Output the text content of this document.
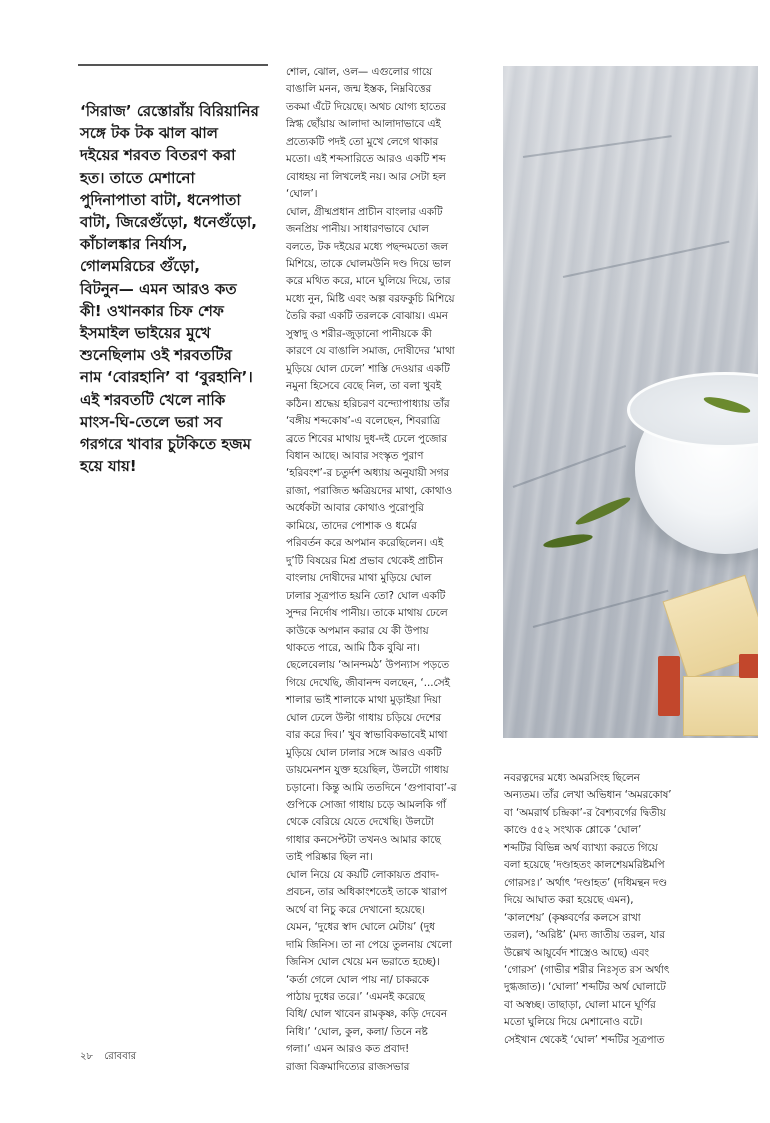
‘সিরাজ’ রেস্তোরাঁয় বিরিয়ানির
সঙ্গে টক টক ঝাল ঝাল
দইয়ের শরবত বিতরণ করা
হত। তাতে মেশানো
পুদিনাপাতা বাটা, ধনেপাতা
বাটা, জিরেগুঁড়ো, ধনেগুঁড়ো,
কাঁচালঙ্কার নির্যাস,
গোলমরিচের গুঁড়ো,
বিটনুন— এমন আরও কত
কী! ওখানকার চিফ শেফ
ইসমাইল ভাইয়ের মুখে
শুনেছিলাম ওই শরবতটির
নাম ‘বোরহানি’ বা ‘বুরহানি’।
এই শরবতটি খেলে নাকি
মাংস-ঘি-তেলে ভরা সব
গরগরে খাবার চুটকিতে হজম
হয়ে যায়!
শোল, ঝোল, ওল— এগুলোর গায়ে
বাঙালি মনন, জন্ম ইস্তক, নিম্নবিত্তের
তকমা এঁটে দিয়েছে। অথচ যোগ্য হাতের
স্নিগ্ধ ছোঁয়ায় আলাদা আলাদাভাবে এই
প্রত্যেকটি পদই তো মুখে লেগে থাকার
মতো। এই শব্দসারিতে আরও একটি শব্দ
বোধহয় না লিখলেই নয়। আর সেটা হল
‘ঘোল’।
ঘোল, গ্রীষ্মপ্রধান প্রাচীন বাংলার একটি
জনপ্রিয় পানীয়। সাধারণভাবে ঘোল
বলতে, টক দইয়ের মধ্যে পছন্দমতো জল
মিশিয়ে, তাকে ঘোলমউনি দণ্ড দিয়ে ভাল
করে মথিত করে, মানে ঘুলিয়ে দিয়ে, তার
মধ্যে নুন, মিষ্টি এবং অল্প বরফকুচি মিশিয়ে
তৈরি করা একটি তরলকে বোঝায়। এমন
সুস্বাদু ও শরীর-জুড়ানো পানীয়কে কী
কারণে যে বাঙালি সমাজ, দোষীদের ‘মাথা
মুড়িয়ে ঘোল ঢেলে’ শাস্তি দেওয়ার একটি
নমুনা হিসেবে বেছে নিল, তা বলা খুবই
কঠিন। শ্রদ্ধেয় হরিচরণ বন্দ্যোপাধ্যায় তাঁর
‘বঙ্গীয় শব্দকোষ’-এ বলেছেন, শিবরাত্রি
ব্রতে শিবের মাথায় দুধ-দই ঢেলে পুজোর
বিধান আছে। আবার সংস্কৃত পুরাণ
‘হরিবংশ’-র চতুর্দশ অধ্যায় অনুযায়ী সগর
রাজা, পরাজিত ক্ষত্রিয়দের মাথা, কোথাও
অর্ধেকটা আবার কোথাও পুরোপুরি
কামিয়ে, তাদের পোশাক ও ধর্মের
পরিবর্তন করে অপমান করেছিলেন। এই
দু’টি বিষয়ের মিশ্র প্রভাব থেকেই প্রাচীন
বাংলায় দোষীদের মাথা মুড়িয়ে ঘোল
ঢালার সূত্রপাত হয়নি তো? ঘোল একটি
সুন্দর নির্দোষ পানীয়। তাকে মাথায় ঢেলে
কাউকে অপমান করার যে কী উপায়
থাকতে পারে, আমি ঠিক বুঝি না।
ছেলেবেলায় ‘আনন্দমঠ’ উপন্যাস পড়তে
গিয়ে দেখেছি, জীবানন্দ বলছেন, ‘...সেই
শালার ভাই শালাকে মাথা মুড়াইয়া দিয়া
ঘোল ঢেলে উল্টা গাধায় চড়িয়ে দেশের
বার করে দিব।’ খুব স্বাভাবিকভাবেই মাথা
মুড়িয়ে ঘোল ঢালার সঙ্গে আরও একটি
ডায়মেনশন যুক্ত হয়েছিল, উলটো গাধায়
চড়ানো। কিন্তু আমি ততদিনে ‘গুপাবাবা’-র
গুপিকে সোজা গাধায় চড়ে আমলকি গাঁ
থেকে বেরিয়ে যেতে দেখেছি। উলটো
গাধার কনসেপ্টটা তখনও আমার কাছে
তাই পরিষ্কার ছিল না।
ঘোল নিয়ে যে কয়টি লোকায়ত প্রবাদ-
প্রবচন, তার অধিকাংশতেই তাকে খারাপ
অর্থে বা নিচু করে দেখানো হয়েছে।
যেমন, ‘দুধের স্বাদ ঘোলে মেটায়’ (দুধ
দামি জিনিস। তা না পেয়ে তুলনায় খেলো
জিনিস ঘোল খেয়ে মন ভরাতে হচ্ছে)।
‘কর্তা গেলে ঘোল পায় না/ চাকরকে
পাঠায় দুধের তরে।’ ‘এমনই করেছে
বিধি/ ঘোল খাবেন রামকৃষ্ণ, কড়ি দেবেন
নিধি।’ ‘ঘোল, কুল, কলা/ তিনে নষ্ট
গলা।’ এমন আরও কত প্রবাদ!
রাজা বিক্রমাদিত্যের রাজসভার
নবরত্নদের মধ্যে অমরসিংহ ছিলেন
অন্যতম। তাঁর লেখা অভিধান ‘অমরকোষ’
বা ‘অমরার্থ চন্দ্রিকা’-র বৈশ্যবর্গের দ্বিতীয়
কাণ্ডে ৫৫২ সংখ্যক শ্লোকে ‘ঘোল’
শব্দটির বিভিন্ন অর্থ ব্যাখ্যা করতে গিয়ে
বলা হয়েছে ‘দণ্ডাহতং কালশেয়মরিষ্টমপি
গোরসঃ।’ অর্থাৎ ‘দণ্ডাহত’ (দধিমন্থন দণ্ড
দিয়ে আঘাত করা হয়েছে এমন),
‘কালশেয়’ (কৃষ্ণবর্ণের কলসে রাখা
তরল), ‘অরিষ্ট’ (মদ্য জাতীয় তরল, যার
উল্লেখ আয়ুর্বেদ শাস্ত্রেও আছে) এবং
‘গোরস’ (গাভীর শরীর নিঃসৃত রস অর্থাৎ
দুগ্ধজাত)। ‘ঘোলা’ শব্দটির অর্থ ঘোলাটে
বা অস্বচ্ছ। তাছাড়া, ঘোলা মানে ঘূর্ণির
মতো ঘুলিয়ে দিয়ে মেশানোও বটে।
সেইখান থেকেই ‘ঘোল’ শব্দটির সূত্রপাত
২৮ রোববার
